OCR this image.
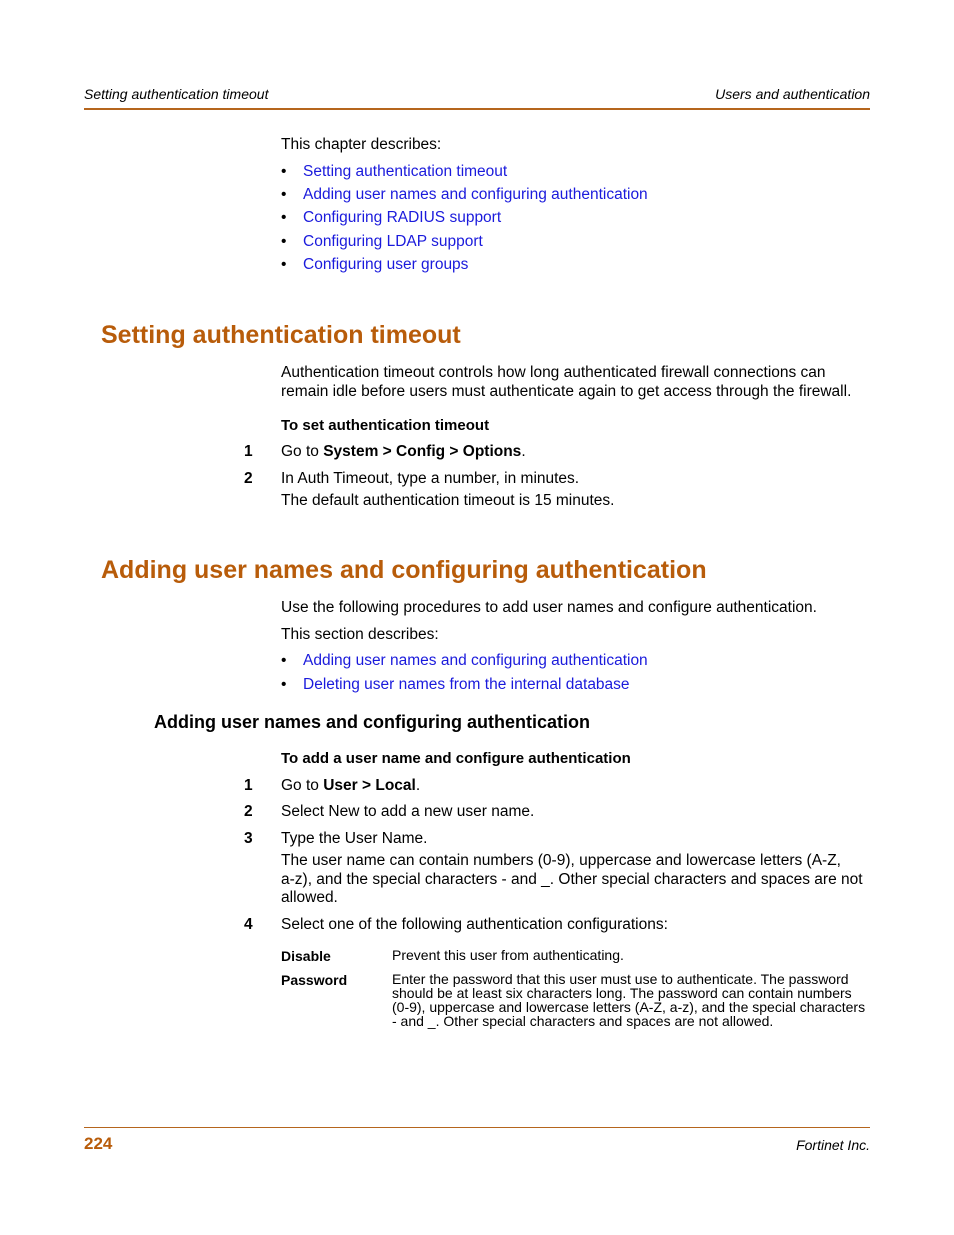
Setting authentication timeout	Users and authentication
This chapter describes:
• Setting authentication timeout
• Adding user names and configuring authentication
• Configuring RADIUS support
• Configuring LDAP support
• Configuring user groups
Setting authentication timeout
Authentication timeout controls how long authenticated firewall connections can
remain idle before users must authenticate again to get access through the firewall.
To set authentication timeout
1 Go to System > Config > Options.
2 In Auth Timeout, type a number, in minutes.
The default authentication timeout is 15 minutes.
Adding user names and configuring authentication
Use the following procedures to add user names and configure authentication.
This section describes:
• Adding user names and configuring authentication
• Deleting user names from the internal database
Adding user names and configuring authentication
To add a user name and configure authentication
1 Go to User > Local.
2 Select New to add a new user name.
3 Type the User Name.
The user name can contain numbers (0-9), uppercase and lowercase letters (A-Z,
a-z), and the special characters - and _. Other special characters and spaces are not
allowed.
4 Select one of the following authentication configurations:
Disable	Prevent this user from authenticating.
Password	Enter the password that this user must use to authenticate. The password
should be at least six characters long. The password can contain numbers
(0-9), uppercase and lowercase letters (A-Z, a-z), and the special characters
- and _. Other special characters and spaces are not allowed.
224	Fortinet Inc.
